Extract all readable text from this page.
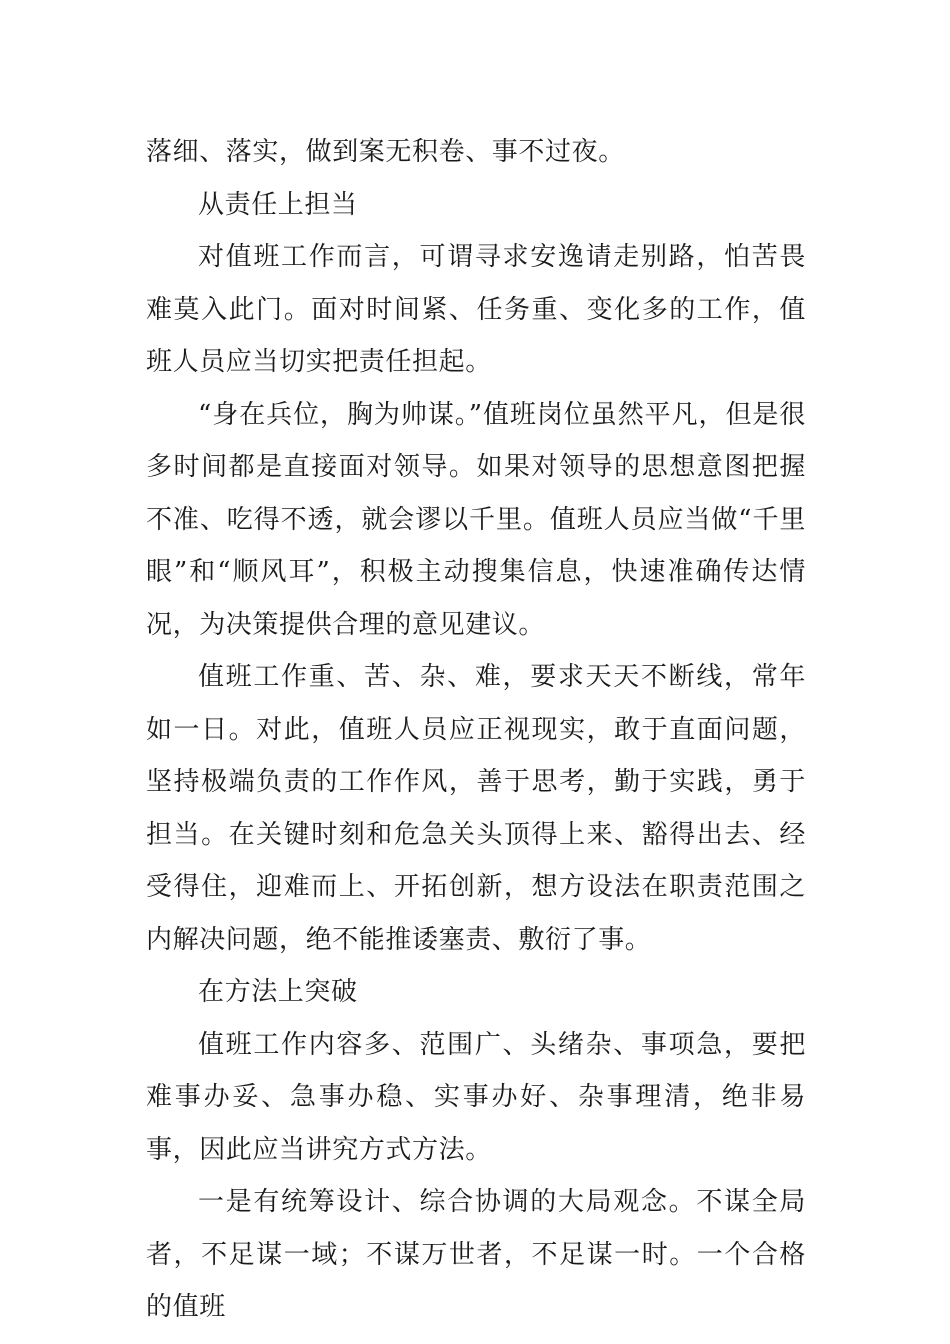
落细、落实，做到案无积卷、事不过夜。

从责任上担当

对值班工作而言，可谓寻求安逸请走别路，怕苦畏难莫入此门。面对时间紧、任务重、变化多的工作，值班人员应当切实把责任担起。

“身在兵位，胸为帅谋。”值班岗位虽然平凡，但是很多时间都是直接面对领导。如果对领导的思想意图把握不准、吃得不透，就会谬以千里。值班人员应当做“千里眼”和“顺风耳”，积极主动搜集信息，快速准确传达情况，为决策提供合理的意见建议。

值班工作重、苦、杂、难，要求天天不断线，常年如一日。对此，值班人员应正视现实，敢于直面问题，坚持极端负责的工作作风，善于思考，勤于实践，勇于担当。在关键时刻和危急关头顶得上来、豁得出去、经受得住，迎难而上、开拓创新，想方设法在职责范围之内解决问题，绝不能推诿塞责、敷衍了事。

在方法上突破

值班工作内容多、范围广、头绪杂、事项急，要把难事办妥、急事办稳、实事办好、杂事理清，绝非易事，因此应当讲究方式方法。

一是有统筹设计、综合协调的大局观念。不谋全局者，不足谋一域；不谋万世者，不足谋一时。一个合格的值班
